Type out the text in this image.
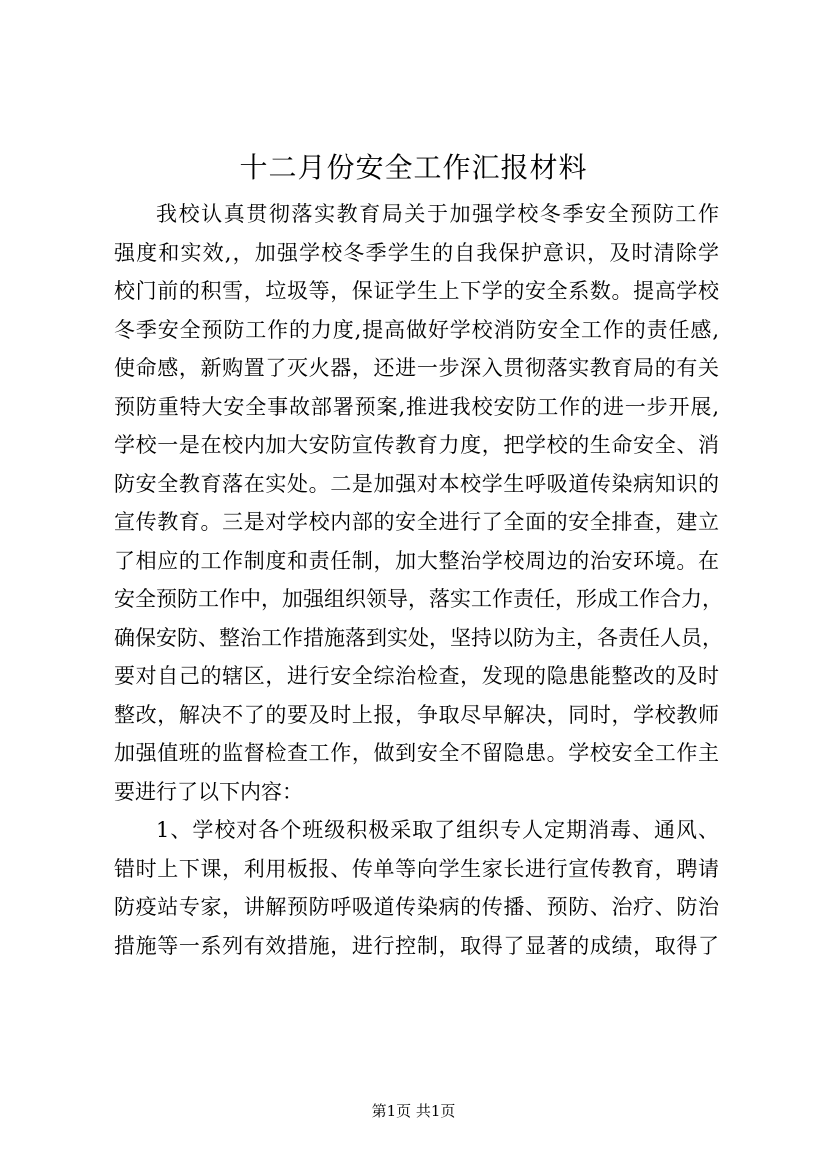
十二月份安全工作汇报材料

我校认真贯彻落实教育局关于加强学校冬季安全预防工作

强度和实效,，加强学校冬季学生的自我保护意识，及时清除学

校门前的积雪，垃圾等，保证学生上下学的安全系数。提高学校

冬季安全预防工作的力度,提高做好学校消防安全工作的责任感,

使命感，新购置了灭火器，还进一步深入贯彻落实教育局的有关

预防重特大安全事故部署预案,推进我校安防工作的进一步开展,

学校一是在校内加大安防宣传教育力度，把学校的生命安全、消

防安全教育落在实处。二是加强对本校学生呼吸道传染病知识的

宣传教育。三是对学校内部的安全进行了全面的安全排查，建立

了相应的工作制度和责任制，加大整治学校周边的治安环境。在

安全预防工作中，加强组织领导，落实工作责任，形成工作合力，

确保安防、整治工作措施落到实处，坚持以防为主，各责任人员，

要对自己的辖区，进行安全综治检查，发现的隐患能整改的及时

整改，解决不了的要及时上报，争取尽早解决，同时，学校教师

加强值班的监督检查工作，做到安全不留隐患。学校安全工作主

要进行了以下内容：

1、学校对各个班级积极采取了组织专人定期消毒、通风、

错时上下课，利用板报、传单等向学生家长进行宣传教育，聘请

防疫站专家，讲解预防呼吸道传染病的传播、预防、治疗、防治

措施等一系列有效措施，进行控制，取得了显著的成绩，取得了

第1页 共1页
